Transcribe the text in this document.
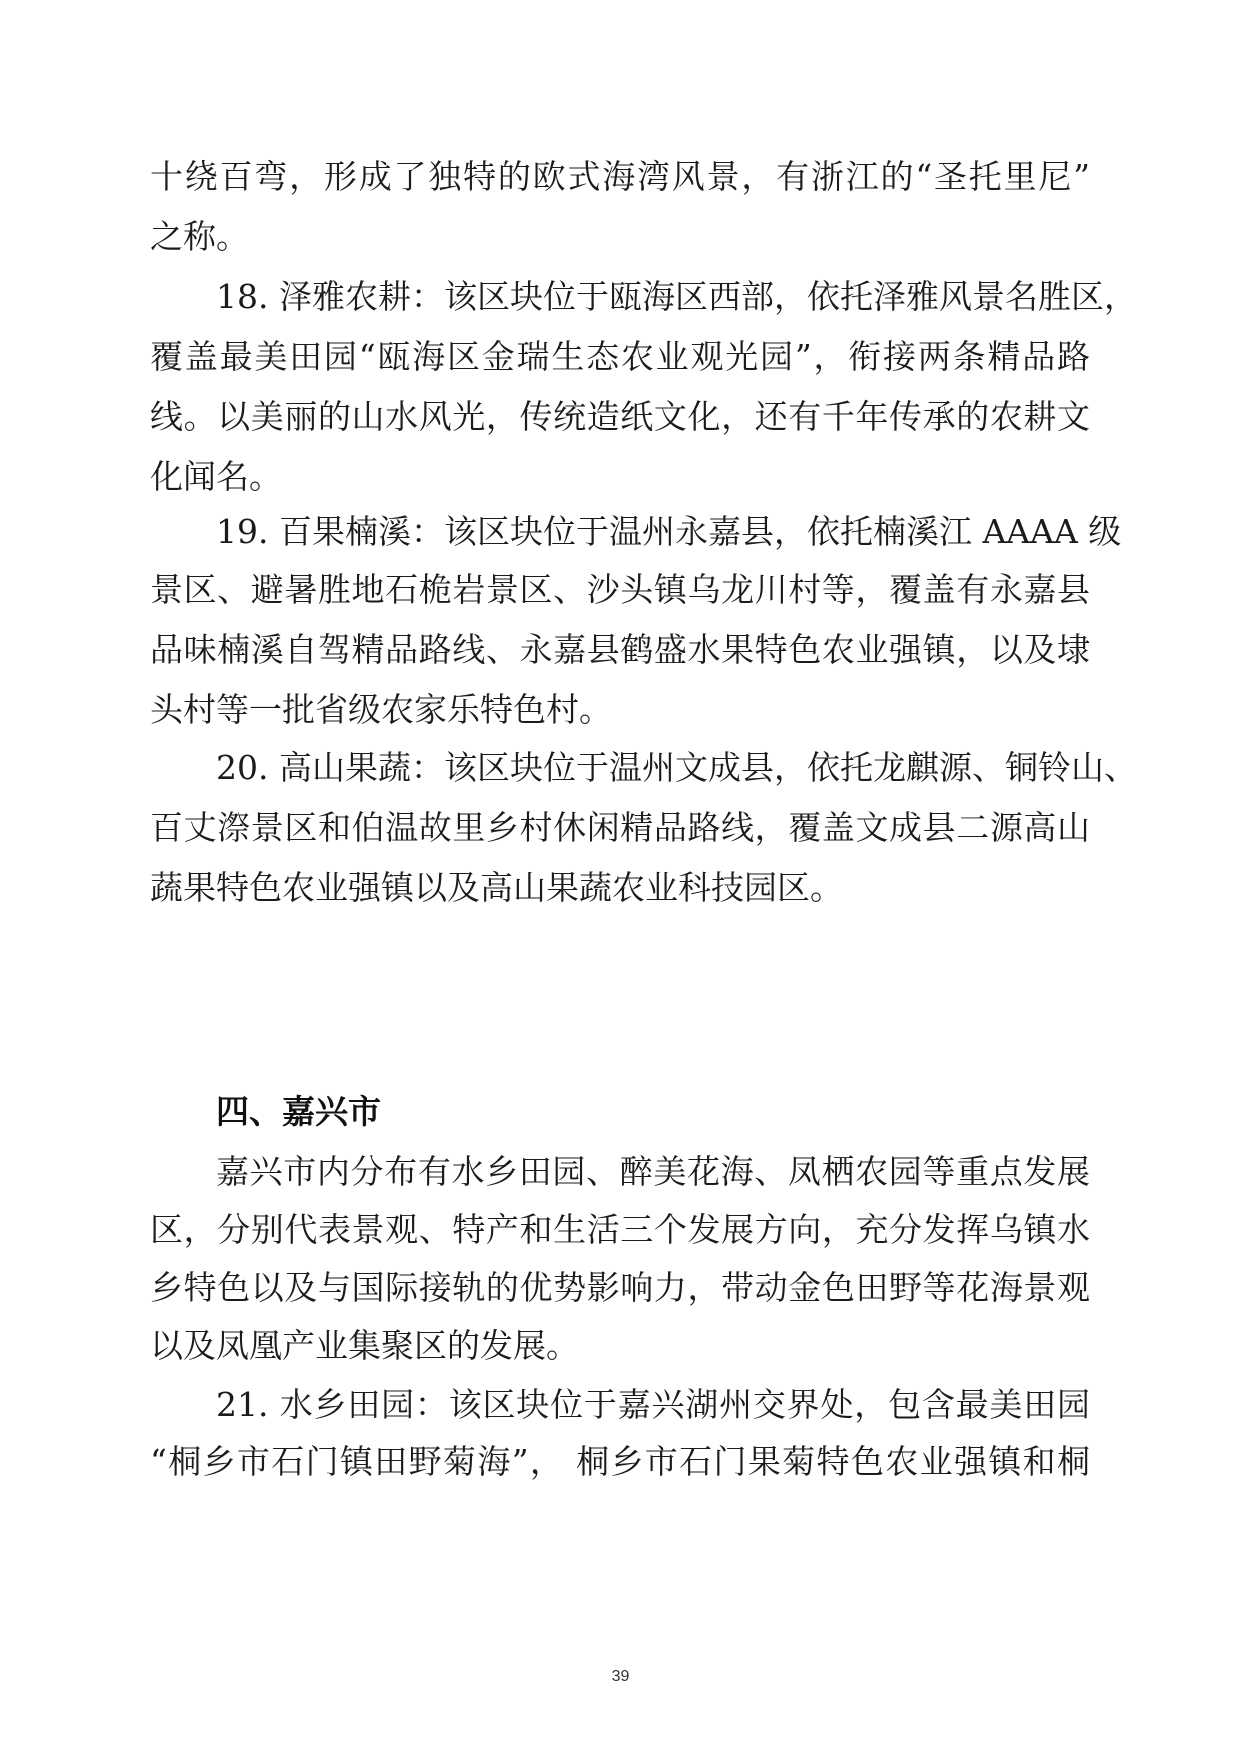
十绕百弯，形成了独特的欧式海湾风景，有浙江的“圣托里尼”
之称。
18. 泽雅农耕：该区块位于瓯海区西部，依托泽雅风景名胜区，
覆盖最美田园“瓯海区金瑞生态农业观光园”，衔接两条精品路
线。以美丽的山水风光，传统造纸文化，还有千年传承的农耕文
化闻名。
19. 百果楠溪：该区块位于温州永嘉县，依托楠溪江 AAAA 级
景区、避暑胜地石桅岩景区、沙头镇乌龙川村等，覆盖有永嘉县
品味楠溪自驾精品路线、永嘉县鹤盛水果特色农业强镇，以及埭
头村等一批省级农家乐特色村。
20. 高山果蔬：该区块位于温州文成县，依托龙麒源、铜铃山、
百丈漈景区和伯温故里乡村休闲精品路线，覆盖文成县二源高山
蔬果特色农业强镇以及高山果蔬农业科技园区。
四、嘉兴市
嘉兴市内分布有水乡田园、醉美花海、凤栖农园等重点发展
区，分别代表景观、特产和生活三个发展方向，充分发挥乌镇水
乡特色以及与国际接轨的优势影响力，带动金色田野等花海景观
以及凤凰产业集聚区的发展。
21. 水乡田园：该区块位于嘉兴湖州交界处，包含最美田园
“桐乡市石门镇田野菊海”， 桐乡市石门果菊特色农业强镇和桐
39
